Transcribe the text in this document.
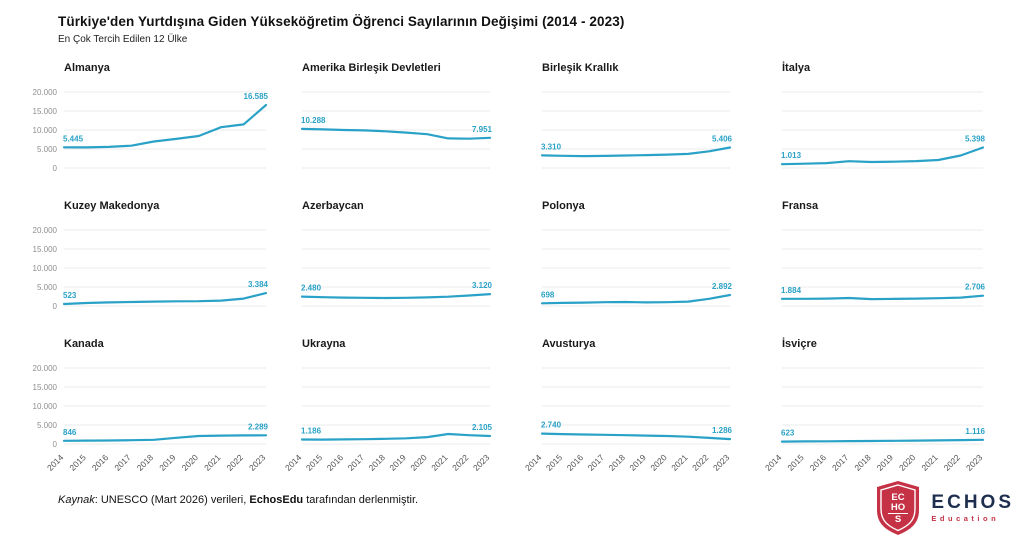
Türkiye'den Yurtdışına Giden Yükseköğretim Öğrenci Sayılarının Değişimi (2014 - 2023)
En Çok Tercih Edilen 12 Ülke
Almanya
0
5.000
10.000
15.000
20.000
5.445
16.585
Amerika Birleşik Devletleri
10.288
7.951
Birleşik Krallık
3.310
5.406
İtalya
1.013
5.398
Kuzey Makedonya
0
5.000
10.000
15.000
20.000
523
3.384
Azerbaycan
2.480	3.120
Polonya
698
2.892
Fransa
1.884	2.706
Kanada
0
5.000
10.000
15.000
20.000
846
2.289
2014 2015 2016 2017 2018 2019 2020 2021 2022 2023
Ukrayna
1.186	2.105
2014 2015 2016 2017 2018 2019 2020 2021 2022 2023
Avusturya
2.740
1.286
2014 2015 2016 2017 2018 2019 2020 2021 2022 2023
İsviçre
623	1.116
2014 2015 2016 2017 2018 2019 2020 2021 2022 2023
Kaynak: UNESCO (Mart 2026) verileri, EchosEdu tarafından derlenmiştir.	EC
HO
S
ECHOS
Education
